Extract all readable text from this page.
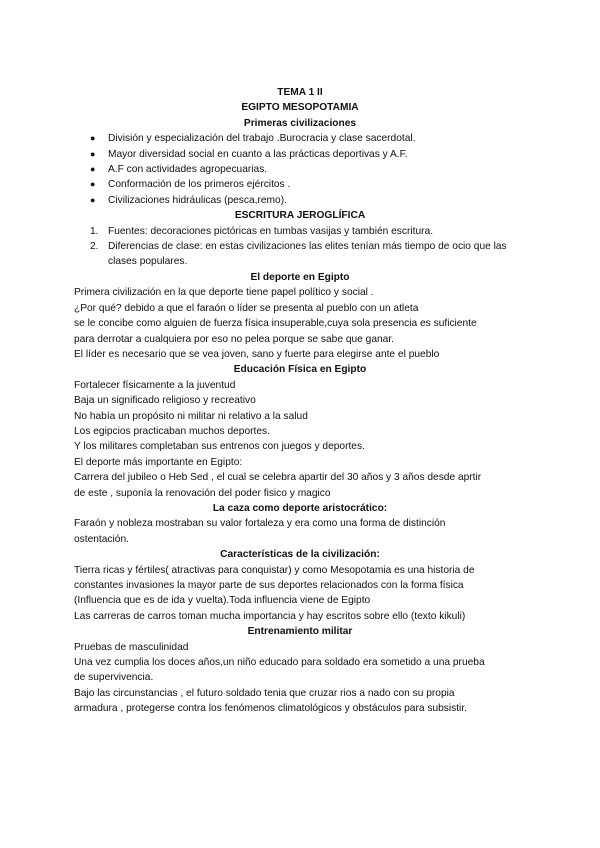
TEMA 1 II

EGIPTO MESOPOTAMIA

Primeras civilizaciones

● División y especialización del trabajo .Burocracia y clase sacerdotal.
● Mayor diversidad social en cuanto a las prácticas deportivas y A.F.
● A.F con actividades agropecuarias.
● Conformación de los primeros ejércitos .
● Civilizaciones hidráulicas (pesca,remo).

ESCRITURA JEROGLÍFICA

1. Fuentes: decoraciones pictóricas en tumbas vasijas y también escritura.
2. Diferencias de clase: en estas civilizaciones las elites tenían más tiempo de ocio que las clases populares.

El deporte en Egipto

Primera civilización en la que deporte tiene papel político y social .

¿Por qué? debido a que el faraón o líder se presenta al pueblo con un atleta

se le concibe como alguien de fuerza física insuperable,cuya sola presencia es suficiente

para derrotar a cualquiera por eso no pelea porque se sabe que ganar.

El líder es necesario que se vea joven, sano y fuerte para elegirse ante el pueblo

Educación Física en Egipto

Fortalecer físicamente a la juventud

Baja un significado religioso y recreativo

No había un propósito ni militar ni relativo a la salud

Los egipcios practicaban muchos deportes.

Y los militares completaban sus entrenos con juegos y deportes.

El deporte más importante en Egipto:

Carrera del jubileo o Heb Sed , el cual se celebra apartir del 30 años y 3 años desde aprtir

de este , suponía la renovación del poder fisico y magico

La caza como deporte aristocrático:

Faraón y nobleza mostraban su valor fortaleza y era como una forma de distinción

ostentación.

Características de la civilización:

Tierra ricas y fértiles( atractivas para conquistar) y como Mesopotamia es una historia de

constantes invasiones la mayor parte de sus deportes relacionados con la forma física

(Influencia que es de ida y vuelta).Toda influencia viene de Egipto

Las carreras de carros toman mucha importancia y hay escritos sobre ello (texto kikuli)

Entrenamiento militar

Pruebas de masculinidad

Una vez cumplia los doces años,un niño educado para soldado era sometido a una prueba

de supervivencia.

Bajo las circunstancias , el futuro soldado tenia que cruzar rios a nado con su propia

armadura , protegerse contra los fenómenos climatológicos y obstáculos para subsistir.
